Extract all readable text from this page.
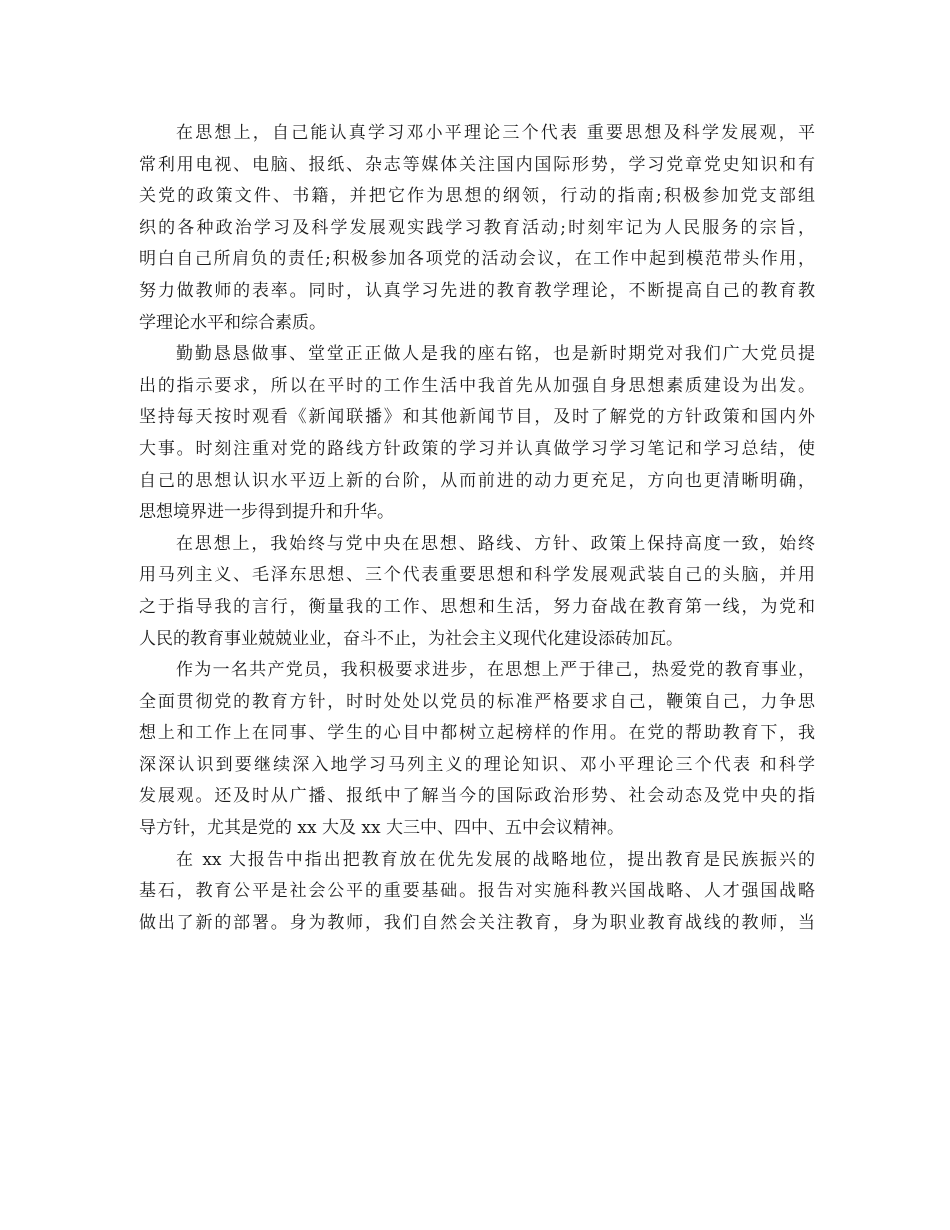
在思想上，自己能认真学习邓小平理论三个代表 重要思想及科学发展观，平
常利用电视、电脑、报纸、杂志等媒体关注国内国际形势，学习党章党史知识和有
关党的政策文件、书籍，并把它作为思想的纲领，行动的指南;积极参加党支部组
织的各种政治学习及科学发展观实践学习教育活动;时刻牢记为人民服务的宗旨，
明白自己所肩负的责任;积极参加各项党的活动会议，在工作中起到模范带头作用，
努力做教师的表率。同时，认真学习先进的教育教学理论，不断提高自己的教育教
学理论水平和综合素质。
勤勤恳恳做事、堂堂正正做人是我的座右铭，也是新时期党对我们广大党员提
出的指示要求，所以在平时的工作生活中我首先从加强自身思想素质建设为出发。
坚持每天按时观看《新闻联播》和其他新闻节目，及时了解党的方针政策和国内外
大事。时刻注重对党的路线方针政策的学习并认真做学习学习笔记和学习总结，使
自己的思想认识水平迈上新的台阶，从而前进的动力更充足，方向也更清晰明确，
思想境界进一步得到提升和升华。
在思想上，我始终与党中央在思想、路线、方针、政策上保持高度一致，始终
用马列主义、毛泽东思想、三个代表重要思想和科学发展观武装自己的头脑，并用
之于指导我的言行，衡量我的工作、思想和生活，努力奋战在教育第一线，为党和
人民的教育事业兢兢业业，奋斗不止，为社会主义现代化建设添砖加瓦。
作为一名共产党员，我积极要求进步，在思想上严于律己，热爱党的教育事业，
全面贯彻党的教育方针，时时处处以党员的标准严格要求自己，鞭策自己，力争思
想上和工作上在同事、学生的心目中都树立起榜样的作用。在党的帮助教育下，我
深深认识到要继续深入地学习马列主义的理论知识、邓小平理论三个代表 和科学
发展观。还及时从广播、报纸中了解当今的国际政治形势、社会动态及党中央的指
导方针，尤其是党的 xx 大及 xx 大三中、四中、五中会议精神。
在 xx 大报告中指出把教育放在优先发展的战略地位，提出教育是民族振兴的
基石，教育公平是社会公平的重要基础。报告对实施科教兴国战略、人才强国战略
做出了新的部署。身为教师，我们自然会关注教育，身为职业教育战线的教师，当
